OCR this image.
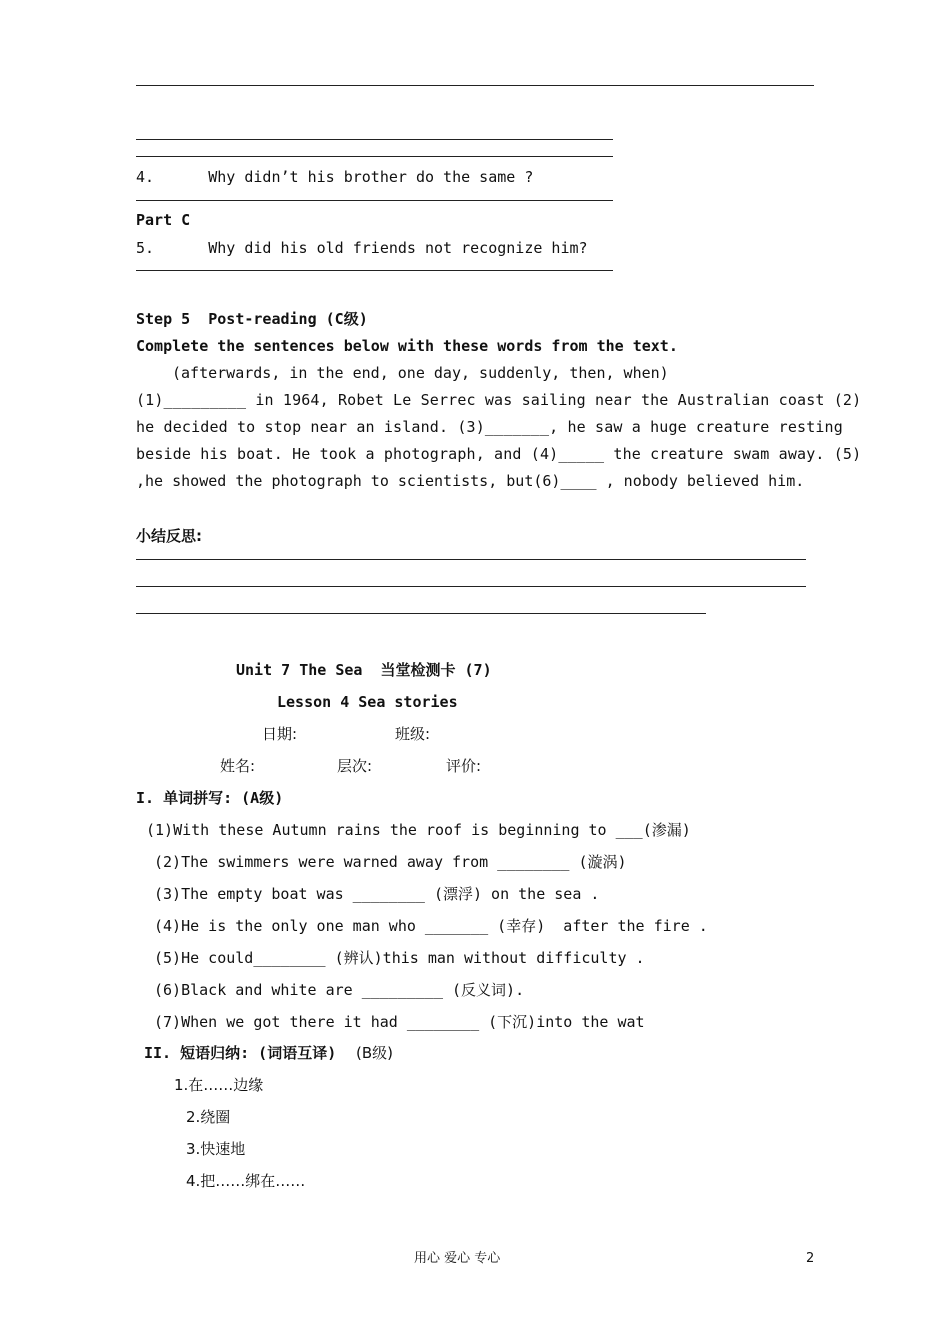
4.      Why didn’t his brother do the same ?
Part C
5.      Why did his old friends not recognize him?
Step 5  Post-reading (C级)
Complete the sentences below with these words from the text.
(afterwards, in the end, one day, suddenly, then, when)
(1)_________ in 1964, Robet Le Serrec was sailing near the Australian coast (2)
he decided to stop near an island. (3)_______, he saw a huge creature resting
beside his boat. He took a photograph, and (4)_____ the creature swam away. (5)
,he showed the photograph to scientists, but(6)____ , nobody believed him.
小结反思:
Unit 7 The Sea  当堂检测卡 (7)
Lesson 4 Sea stories
日期:	班级:
姓名:	层次:	评价:
I. 单词拼写: (A级)
(1)With these Autumn rains the roof is beginning to ___(渗漏)
(2)The swimmers were warned away from ________ (漩涡)
(3)The empty boat was ________ (漂浮) on the sea .
(4)He is the only one man who _______ (幸存)  after the fire .
(5)He could________ (辨认)this man without difficulty .
(6)Black and white are _________ (反义词).
(7)When we got there it had ________ (下沉)into the wat
II. 短语归纳: (词语互译) (B级)
1.在……边缘
2.绕圈
3.快速地
4.把……绑在……
用心 爱心 专心	2
